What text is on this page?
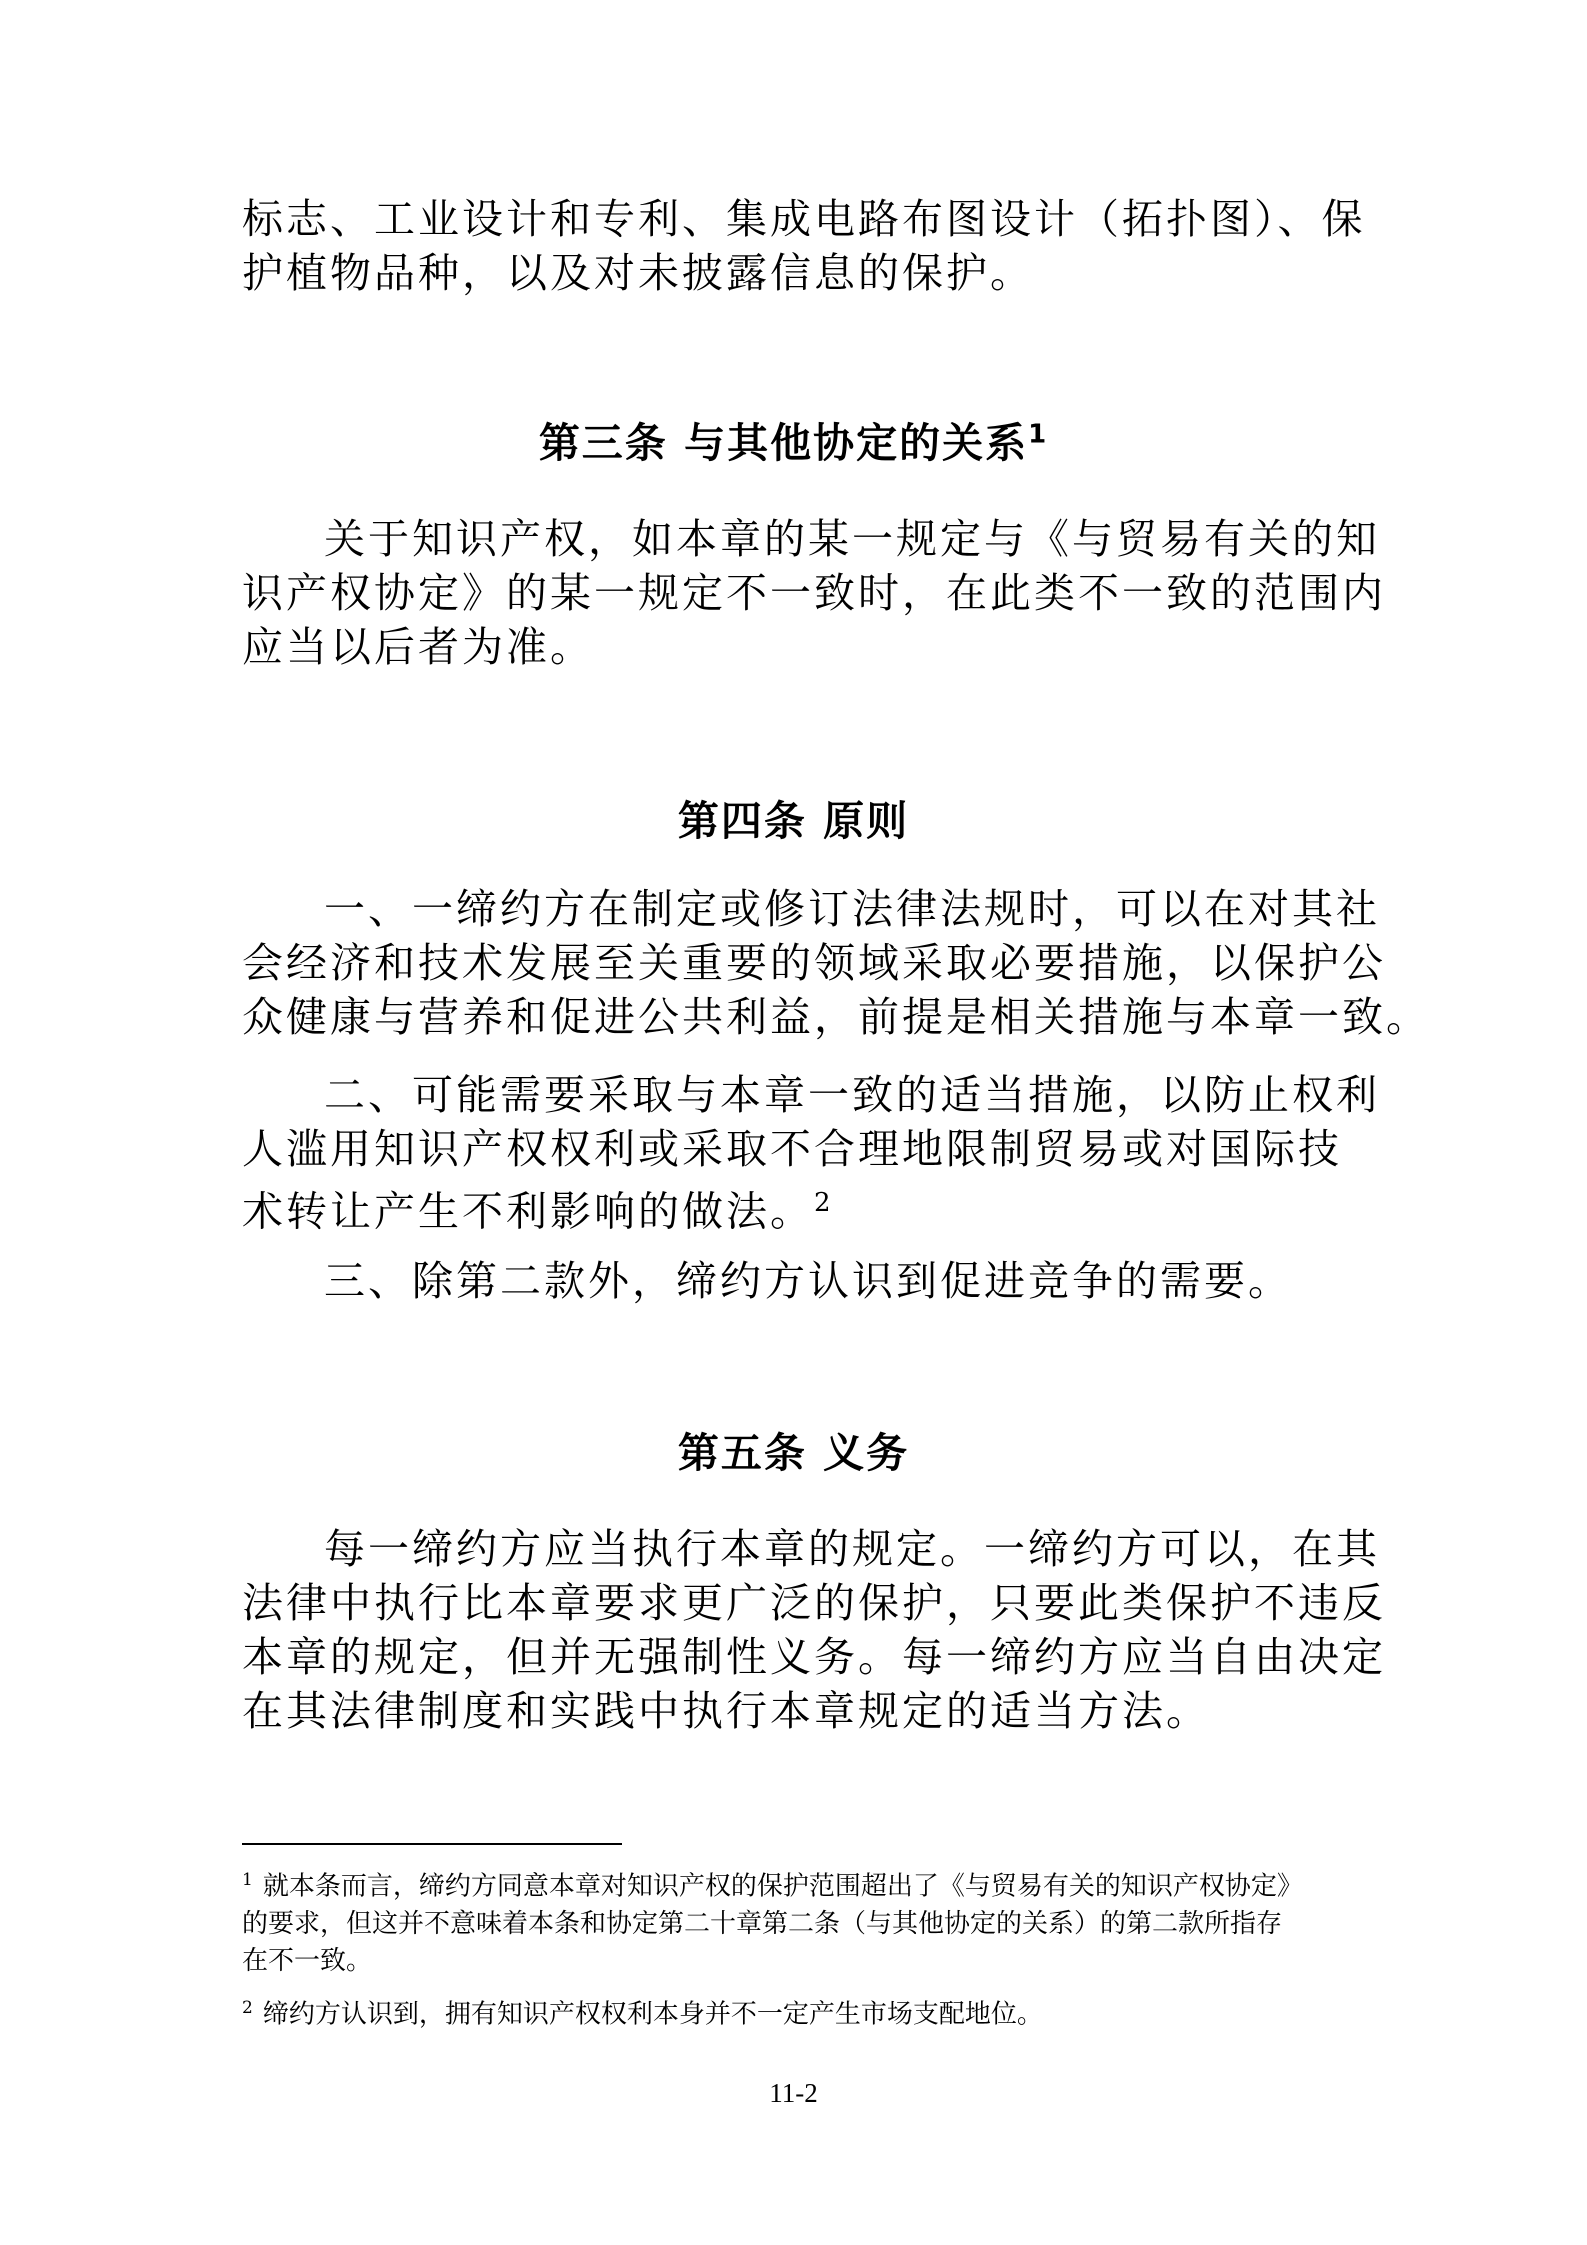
标志、工业设计和专利、集成电路布图设计（拓扑图）、保
护植物品种，以及对未披露信息的保护。

第三条 与其他协定的关系$^1$

关于知识产权，如本章的某一规定与《与贸易有关的知
识产权协定》的某一规定不一致时，在此类不一致的范围内
应当以后者为准。

第四条 原则

一、一缔约方在制定或修订法律法规时，可以在对其社
会经济和技术发展至关重要的领域采取必要措施，以保护公
众健康与营养和促进公共利益，前提是相关措施与本章一致。

二、可能需要采取与本章一致的适当措施，以防止权利
人滥用知识产权权利或采取不合理地限制贸易或对国际技
术转让产生不利影响的做法。$^2$

三、除第二款外，缔约方认识到促进竞争的需要。

第五条 义务

每一缔约方应当执行本章的规定。一缔约方可以，在其
法律中执行比本章要求更广泛的保护，只要此类保护不违反
本章的规定，但并无强制性义务。每一缔约方应当自由决定
在其法律制度和实践中执行本章规定的适当方法。

$^1$ 就本条而言，缔约方同意本章对知识产权的保护范围超出了《与贸易有关的知识产权协定》
的要求，但这并不意味着本条和协定第二十章第二条（与其他协定的关系）的第二款所指存
在不一致。

$^2$ 缔约方认识到，拥有知识产权权利本身并不一定产生市场支配地位。

11-2
